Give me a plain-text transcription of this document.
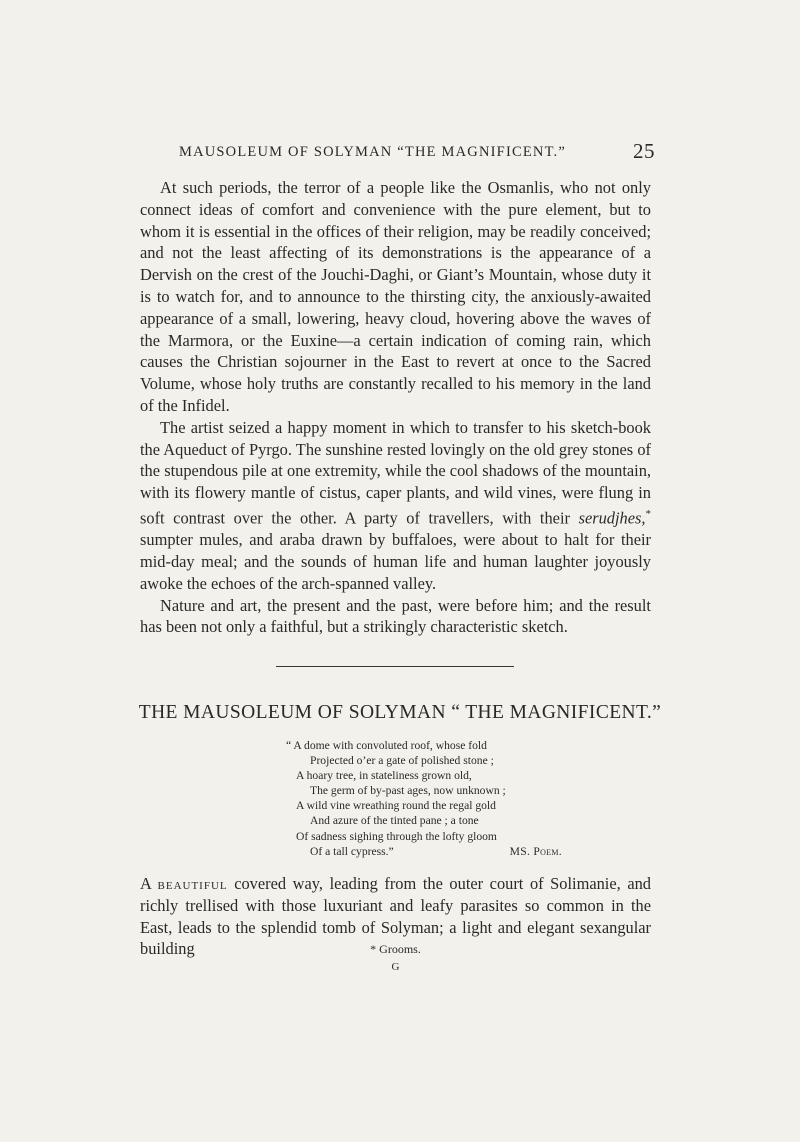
MAUSOLEUM OF SOLYMAN “THE MAGNIFICENT.”	25

At such periods, the terror of a people like the Osmanlis, who not only connect ideas of comfort and convenience with the pure element, but to whom it is essential in the offices of their religion, may be readily conceived; and not the least affecting of its demonstrations is the appearance of a Dervish on the crest of the Jouchi-Daghi, or Giant’s Mountain, whose duty it is to watch for, and to announce to the thirsting city, the anxiously-awaited appearance of a small, lowering, heavy cloud, hovering above the waves of the Marmora, or the Euxine—a certain indication of coming rain, which causes the Christian sojourner in the East to revert at once to the Sacred Volume, whose holy truths are constantly recalled to his memory in the land of the Infidel.

The artist seized a happy moment in which to transfer to his sketch-book the Aqueduct of Pyrgo. The sunshine rested lovingly on the old grey stones of the stupendous pile at one extremity, while the cool shadows of the mountain, with its flowery mantle of cistus, caper plants, and wild vines, were flung in soft contrast over the other. A party of travellers, with their serudjhes,* sumpter mules, and araba drawn by buffaloes, were about to halt for their mid-day meal; and the sounds of human life and human laughter joyously awoke the echoes of the arch-spanned valley.

Nature and art, the present and the past, were before him; and the result has been not only a faithful, but a strikingly characteristic sketch.

THE MAUSOLEUM OF SOLYMAN “ THE MAGNIFICENT.”
“ A dome with convoluted roof, whose fold
Projected o’er a gate of polished stone ;
A hoary tree, in stateliness grown old,
The germ of by-past ages, now unknown ;
A wild vine wreathing round the regal gold
And azure of the tinted pane ; a tone
Of sadness sighing through the lofty gloom
Of a tall cypress.”	MS. Poem.

A beautiful covered way, leading from the outer court of Solimanie, and richly trellised with those luxuriant and leafy parasites so common in the East, leads to the splendid tomb of Solyman; a light and elegant sexangular building	* Grooms.
G
